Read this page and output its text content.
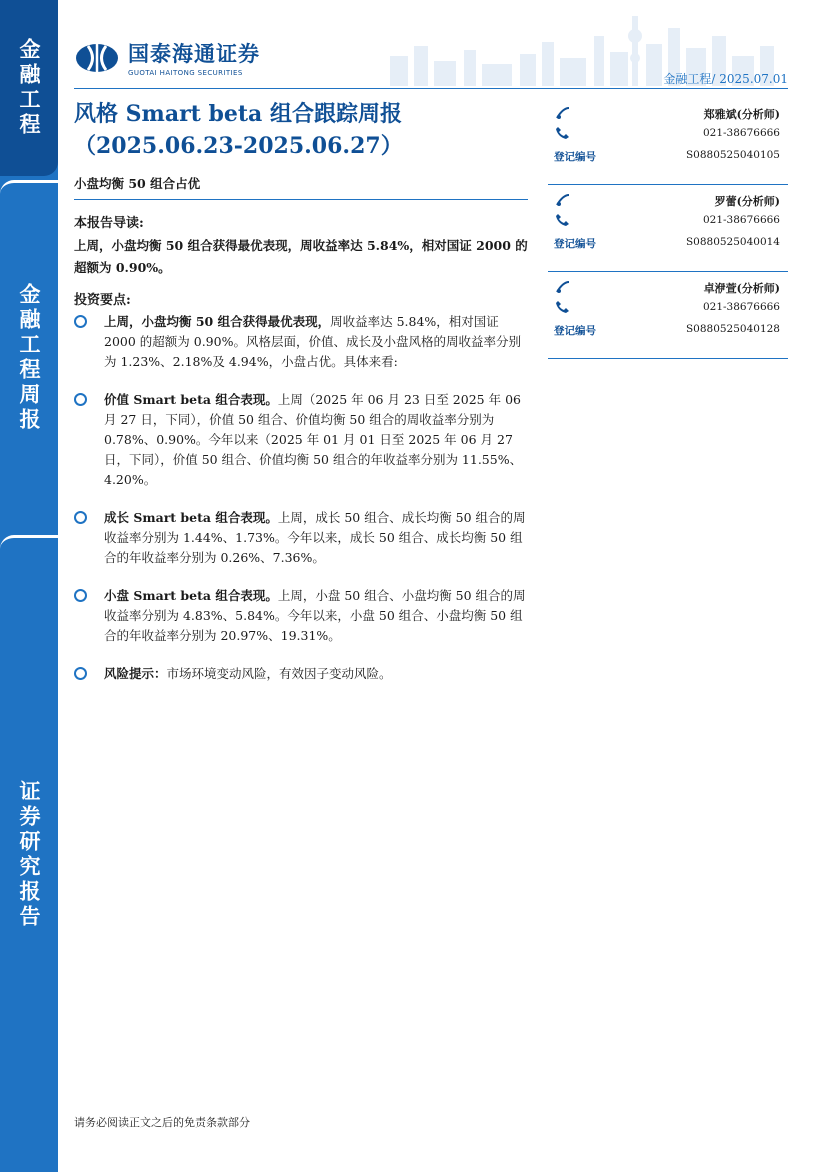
金融工程
金融工程周报
证券研究报告
国泰海通证券
GUOTAI HAITONG SECURITIES	金融工程/ 2025.07.01
风格 Smart beta 组合跟踪周报
（2025.06.23-2025.06.27）
小盘均衡 50 组合占优
本报告导读:
上周，小盘均衡 50 组合获得最优表现，周收益率达 5.84%，相对国证 2000 的超额为 0.90%。
投资要点:
上周，小盘均衡 50 组合获得最优表现，周收益率达 5.84%，相对国证 2000 的超额为 0.90%。风格层面，价值、成长及小盘风格的周收益率分别为 1.23%、2.18%及 4.94%，小盘占优。具体来看:
价值 Smart beta 组合表现。上周（2025 年 06 月 23 日至 2025 年 06 月 27 日，下同），价值 50 组合、价值均衡 50 组合的周收益率分别为 0.78%、0.90%。今年以来（2025 年 01 月 01 日至 2025 年 06 月 27 日，下同），价值 50 组合、价值均衡 50 组合的年收益率分别为 11.55%、4.20%。
成长 Smart beta 组合表现。上周，成长 50 组合、成长均衡 50 组合的周收益率分别为 1.44%、1.73%。今年以来，成长 50 组合、成长均衡 50 组合的年收益率分别为 0.26%、7.36%。
小盘 Smart beta 组合表现。上周，小盘 50 组合、小盘均衡 50 组合的周收益率分别为 4.83%、5.84%。今年以来，小盘 50 组合、小盘均衡 50 组合的年收益率分别为 20.97%、19.31%。
风险提示：市场环境变动风险，有效因子变动风险。
郑雅斌(分析师)
021-38676666
登记编号	S0880525040105
罗蕾(分析师)
021-38676666
登记编号	S0880525040014
卓洢萱(分析师)
021-38676666
登记编号	S0880525040128
请务必阅读正文之后的免责条款部分
